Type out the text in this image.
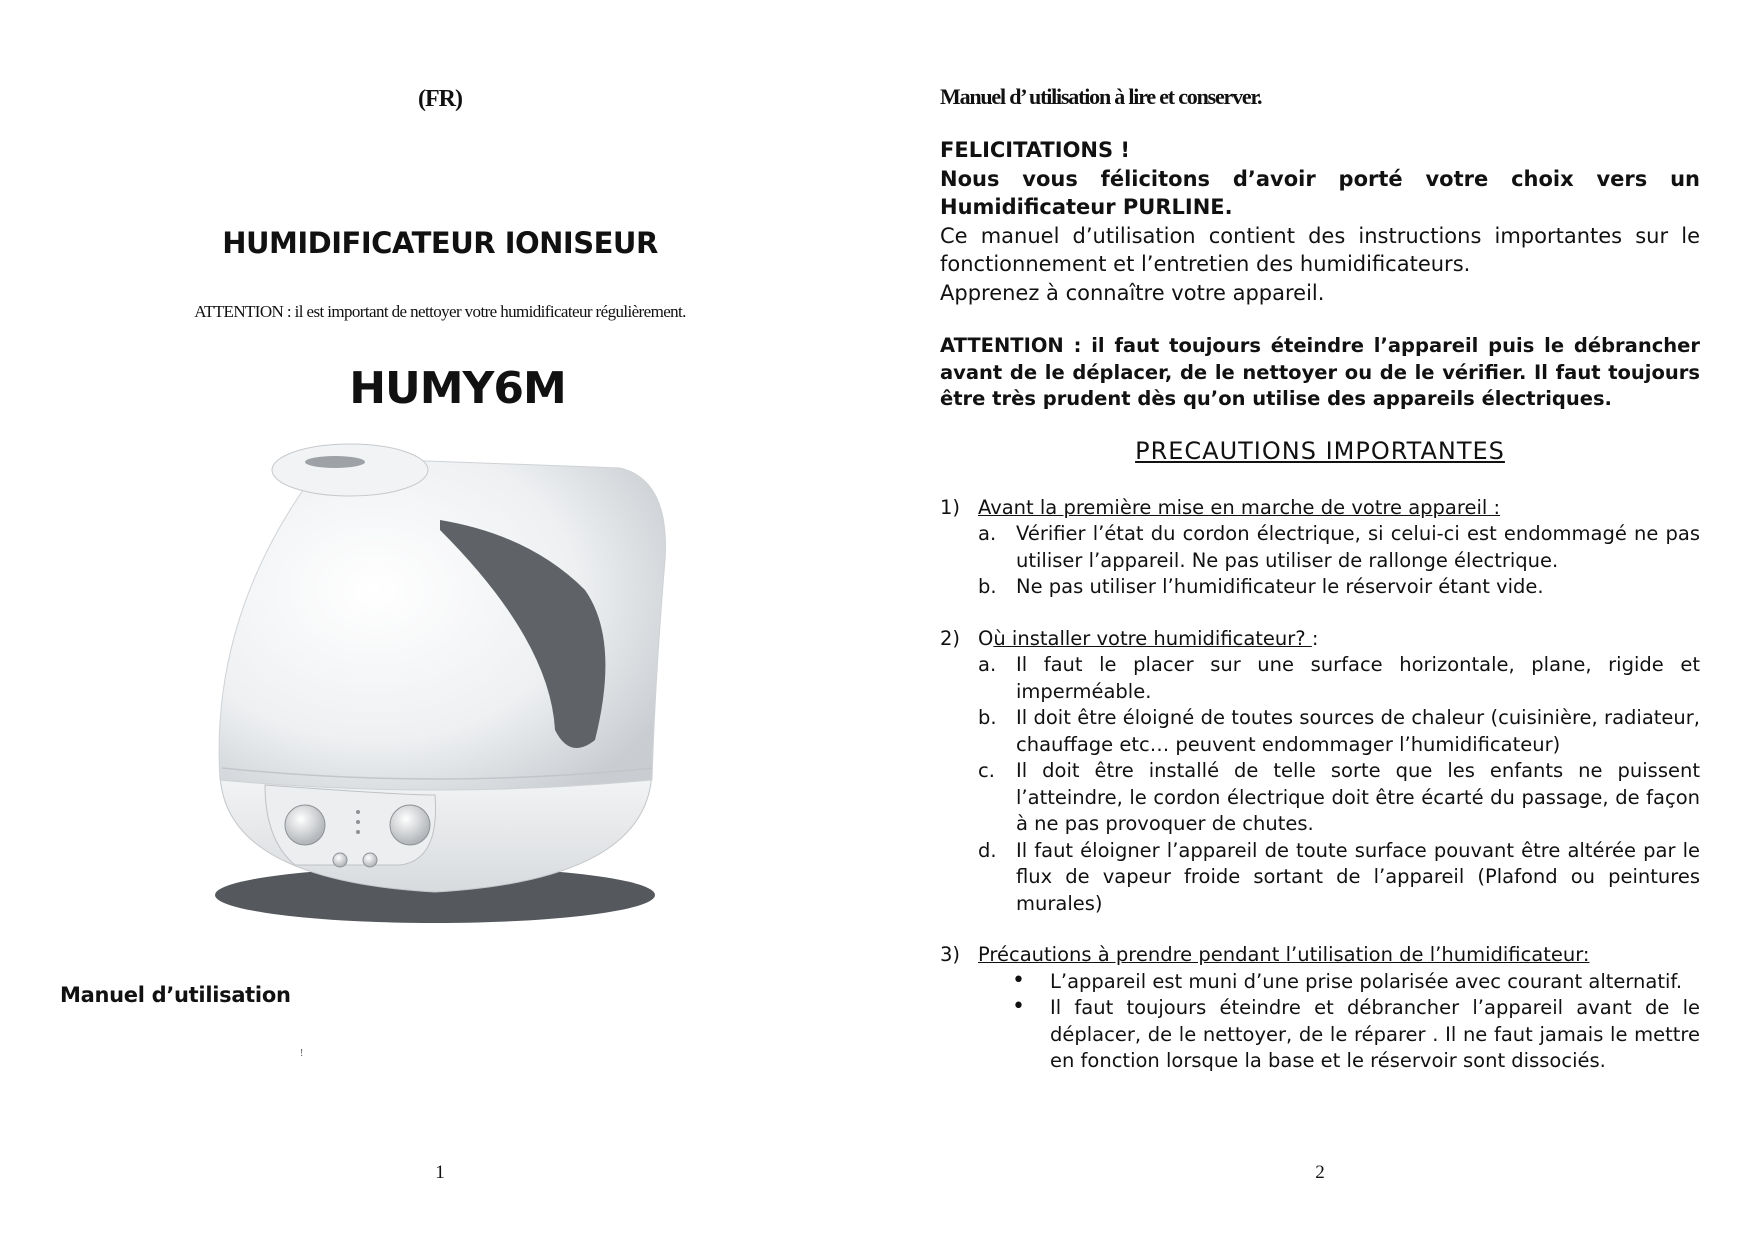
(FR)
HUMIDIFICATEUR IONISEUR
ATTENTION : il est important de nettoyer votre humidificateur régulièrement.
HUMY6M
Manuel d’utilisation
!
1
Manuel d’ utilisation à lire et conserver.

FELICITATIONS !

Nous vous félicitons d’avoir porté votre choix vers un Humidificateur PURLINE.

Ce manuel d’utilisation contient des instructions importantes sur le fonctionnement et l’entretien des humidificateurs.

Apprenez à connaître votre appareil.

ATTENTION : il faut toujours éteindre l’appareil puis le débrancher avant de le déplacer, de le nettoyer ou de le vérifier. Il faut toujours être très prudent dès qu’on utilise des appareils électriques.

PRECAUTIONS IMPORTANTES
1) Avant la première mise en marche de votre appareil :
a.	Vérifier l’état du cordon électrique, si celui-ci est endommagé ne pas utiliser l’appareil. Ne pas utiliser de rallonge électrique.
b. Ne pas utiliser l’humidificateur le réservoir étant vide.
2) O ù installer votre humidificateur? :
a.	Il faut le placer sur une surface horizontale, plane, rigide et imperméable.
b. Il doit être éloigné de toutes sources de chaleur (cuisinière, radiateur, chauffage etc… peuvent endommager l’humidificateur)
c.	Il doit être installé de telle sorte que les enfants ne puissent l’atteindre, le cordon électrique doit être écarté du passage, de façon à ne pas provoquer de chutes.
d. Il faut éloigner l’appareil de toute surface pouvant être altérée par le flux de vapeur froide sortant de l’appareil (Plafond ou peintures murales)
3) Précautions à prendre pendant l’utilisation de l’humidificateur:
•	L’appareil est muni d’une prise polarisée avec courant alternatif.
•	Il faut toujours éteindre et débrancher l’appareil avant de le déplacer, de le nettoyer, de le réparer . Il ne faut jamais le mettre en fonction lorsque la base et le réservoir sont dissociés.
2
